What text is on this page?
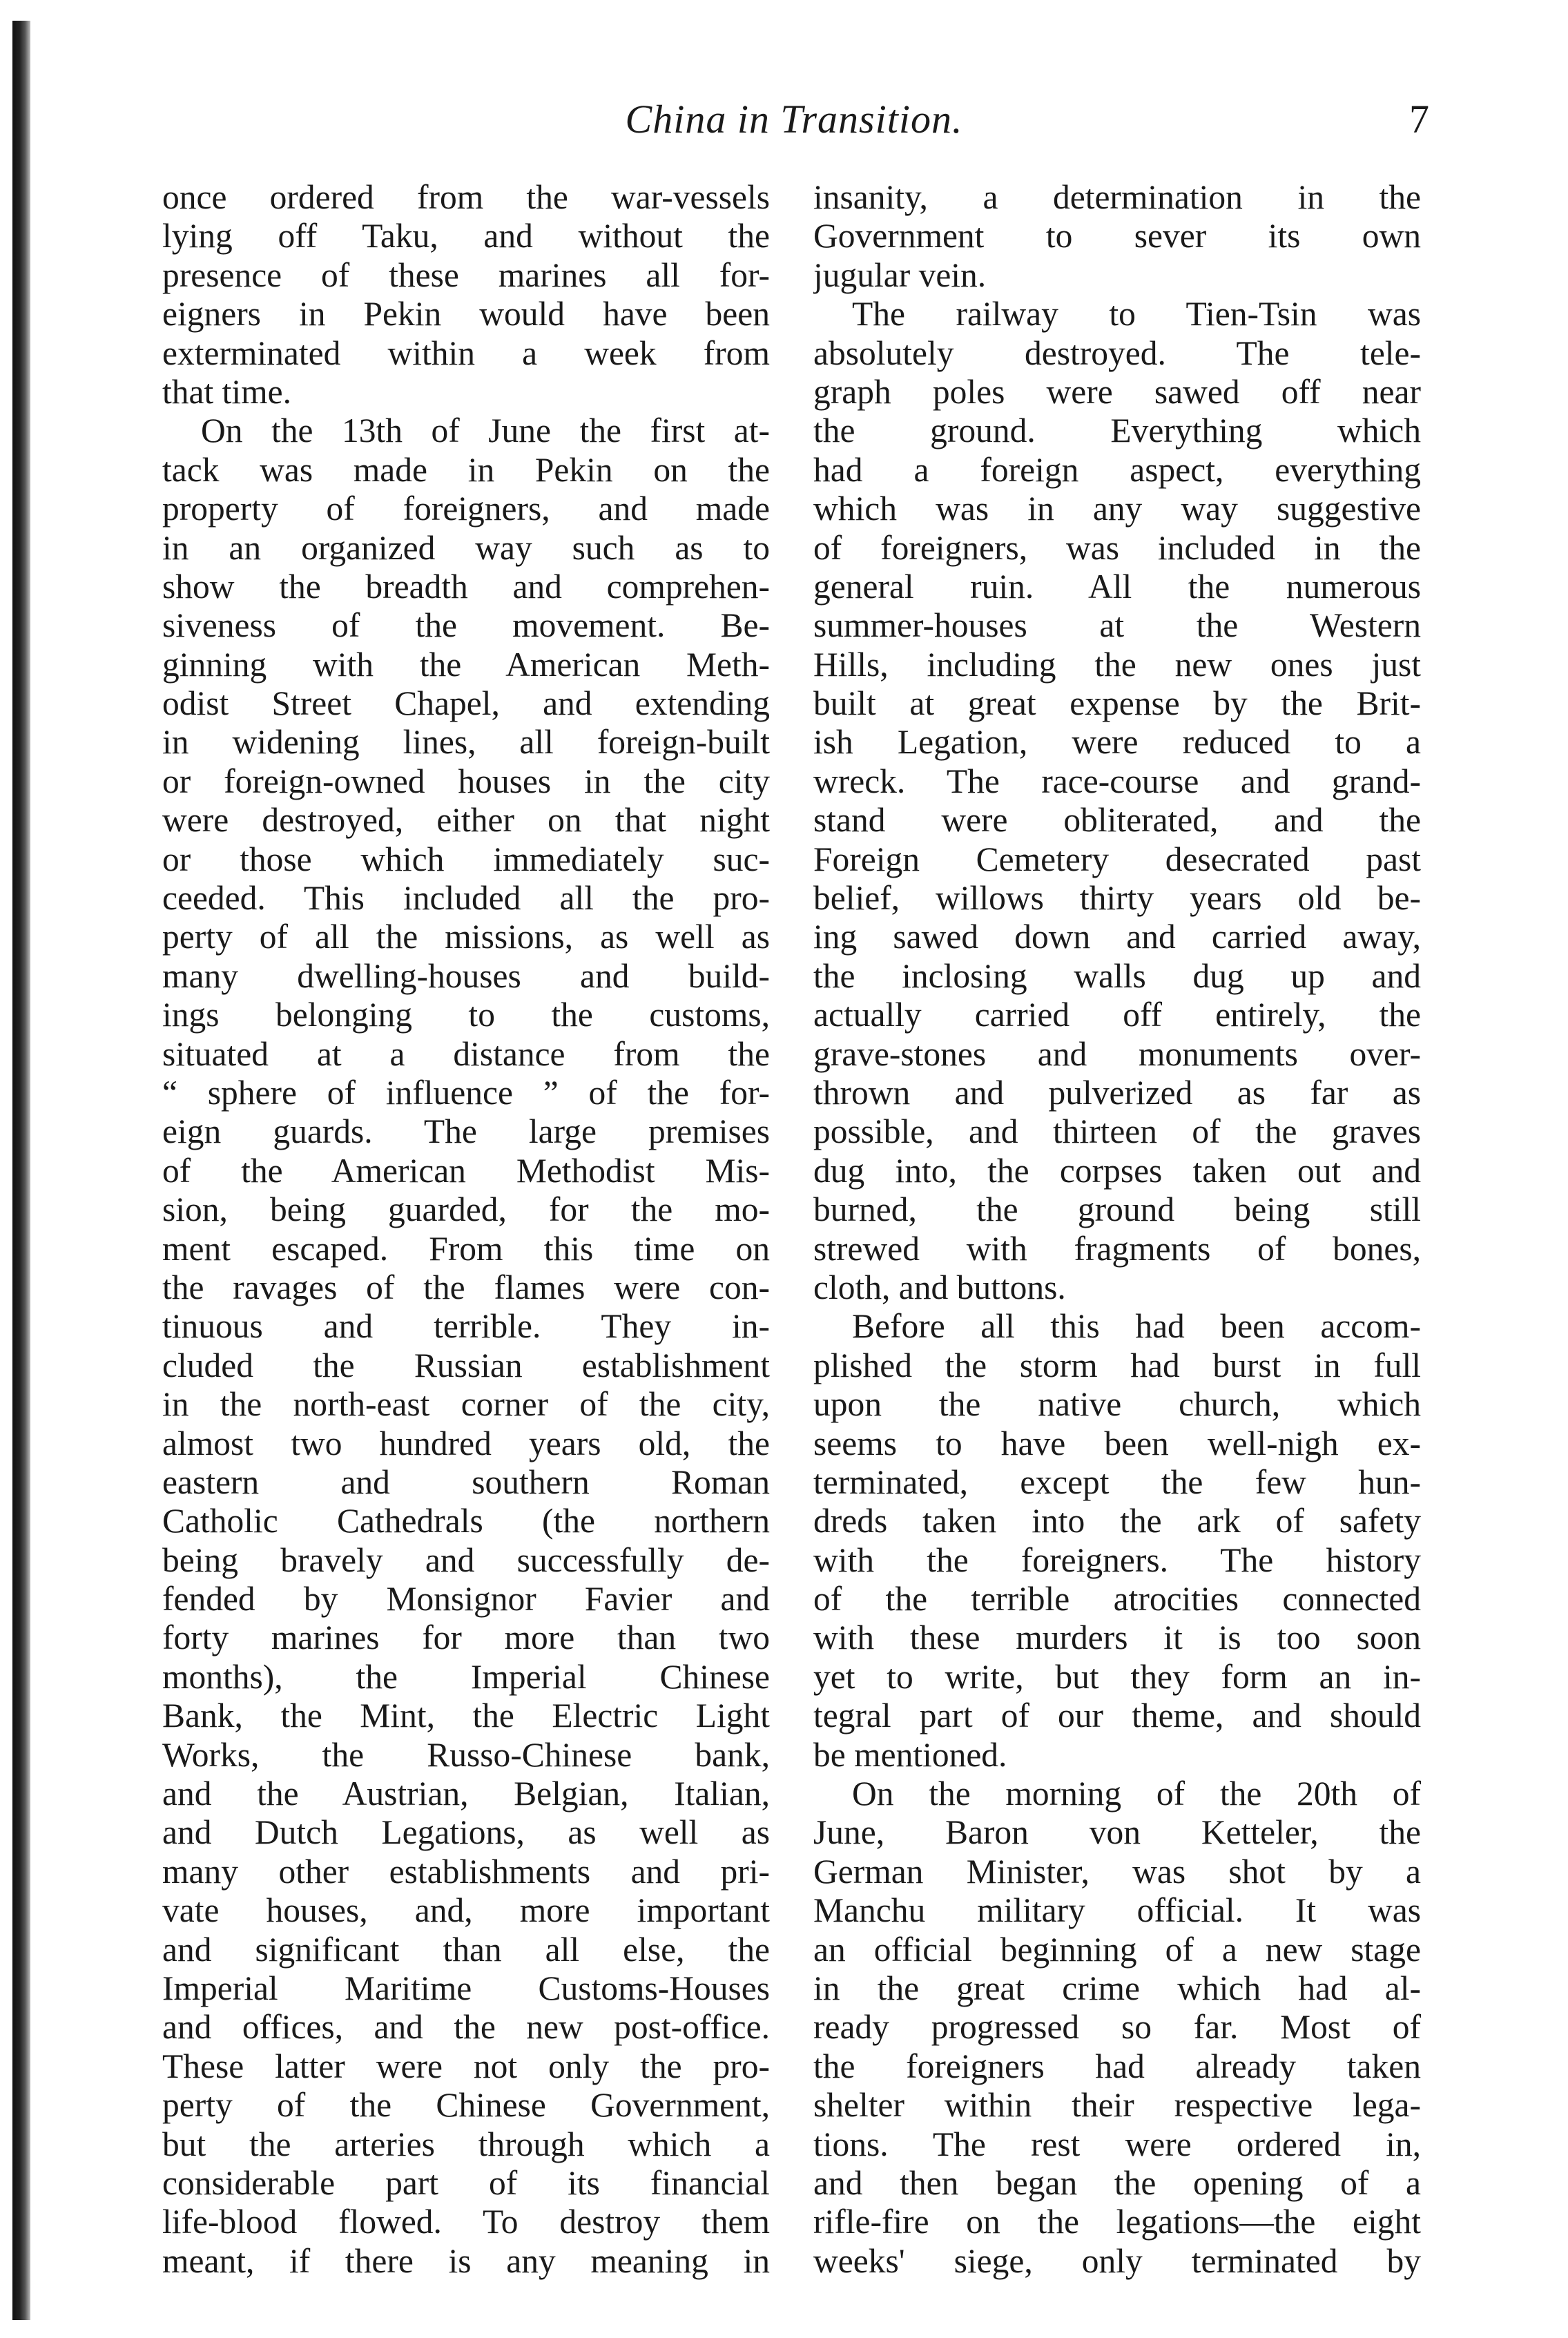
China in Transition.	7
once ordered from the war-vessels
lying off Taku, and without the
presence of these marines all for-
eigners in Pekin would have been
exterminated within a week from
that time.
On the 13th of June the first at-
tack was made in Pekin on the
property of foreigners, and made
in an organized way such as to
show the breadth and comprehen-
siveness of the movement. Be-
ginning with the American Meth-
odist Street Chapel, and extending
in widening lines, all foreign-built
or foreign-owned houses in the city
were destroyed, either on that night
or those which immediately suc-
ceeded. This included all the pro-
perty of all the missions, as well as
many dwelling-houses and build-
ings belonging to the customs,
situated at a distance from the
“ sphere of influence ” of the for-
eign guards. The large premises
of the American Methodist Mis-
sion, being guarded, for the mo-
ment escaped. From this time on
the ravages of the flames were con-
tinuous and terrible. They in-
cluded the Russian establishment
in the north-east corner of the city,
almost two hundred years old, the
eastern and southern Roman
Catholic Cathedrals (the northern
being bravely and successfully de-
fended by Monsignor Favier and
forty marines for more than two
months), the Imperial Chinese
Bank, the Mint, the Electric Light
Works, the Russo-Chinese bank,
and the Austrian, Belgian, Italian,
and Dutch Legations, as well as
many other establishments and pri-
vate houses, and, more important
and significant than all else, the
Imperial Maritime Customs-Houses
and offices, and the new post-office.
These latter were not only the pro-
perty of the Chinese Government,
but the arteries through which a
considerable part of its financial
life-blood flowed. To destroy them
meant, if there is any meaning in
insanity, a determination in the
Government to sever its own
jugular vein.
The railway to Tien-Tsin was
absolutely destroyed. The tele-
graph poles were sawed off near
the ground. Everything which
had a foreign aspect, everything
which was in any way suggestive
of foreigners, was included in the
general ruin. All the numerous
summer-houses at the Western
Hills, including the new ones just
built at great expense by the Brit-
ish Legation, were reduced to a
wreck. The race-course and grand-
stand were obliterated, and the
Foreign Cemetery desecrated past
belief, willows thirty years old be-
ing sawed down and carried away,
the inclosing walls dug up and
actually carried off entirely, the
grave-stones and monuments over-
thrown and pulverized as far as
possible, and thirteen of the graves
dug into, the corpses taken out and
burned, the ground being still
strewed with fragments of bones,
cloth, and buttons.
Before all this had been accom-
plished the storm had burst in full
upon the native church, which
seems to have been well-nigh ex-
terminated, except the few hun-
dreds taken into the ark of safety
with the foreigners. The history
of the terrible atrocities connected
with these murders it is too soon
yet to write, but they form an in-
tegral part of our theme, and should
be mentioned.
On the morning of the 20th of
June, Baron von Ketteler, the
German Minister, was shot by a
Manchu military official. It was
an official beginning of a new stage
in the great crime which had al-
ready progressed so far. Most of
the foreigners had already taken
shelter within their respective lega-
tions. The rest were ordered in,
and then began the opening of a
rifle-fire on the legations—the eight
weeks' siege, only terminated by
